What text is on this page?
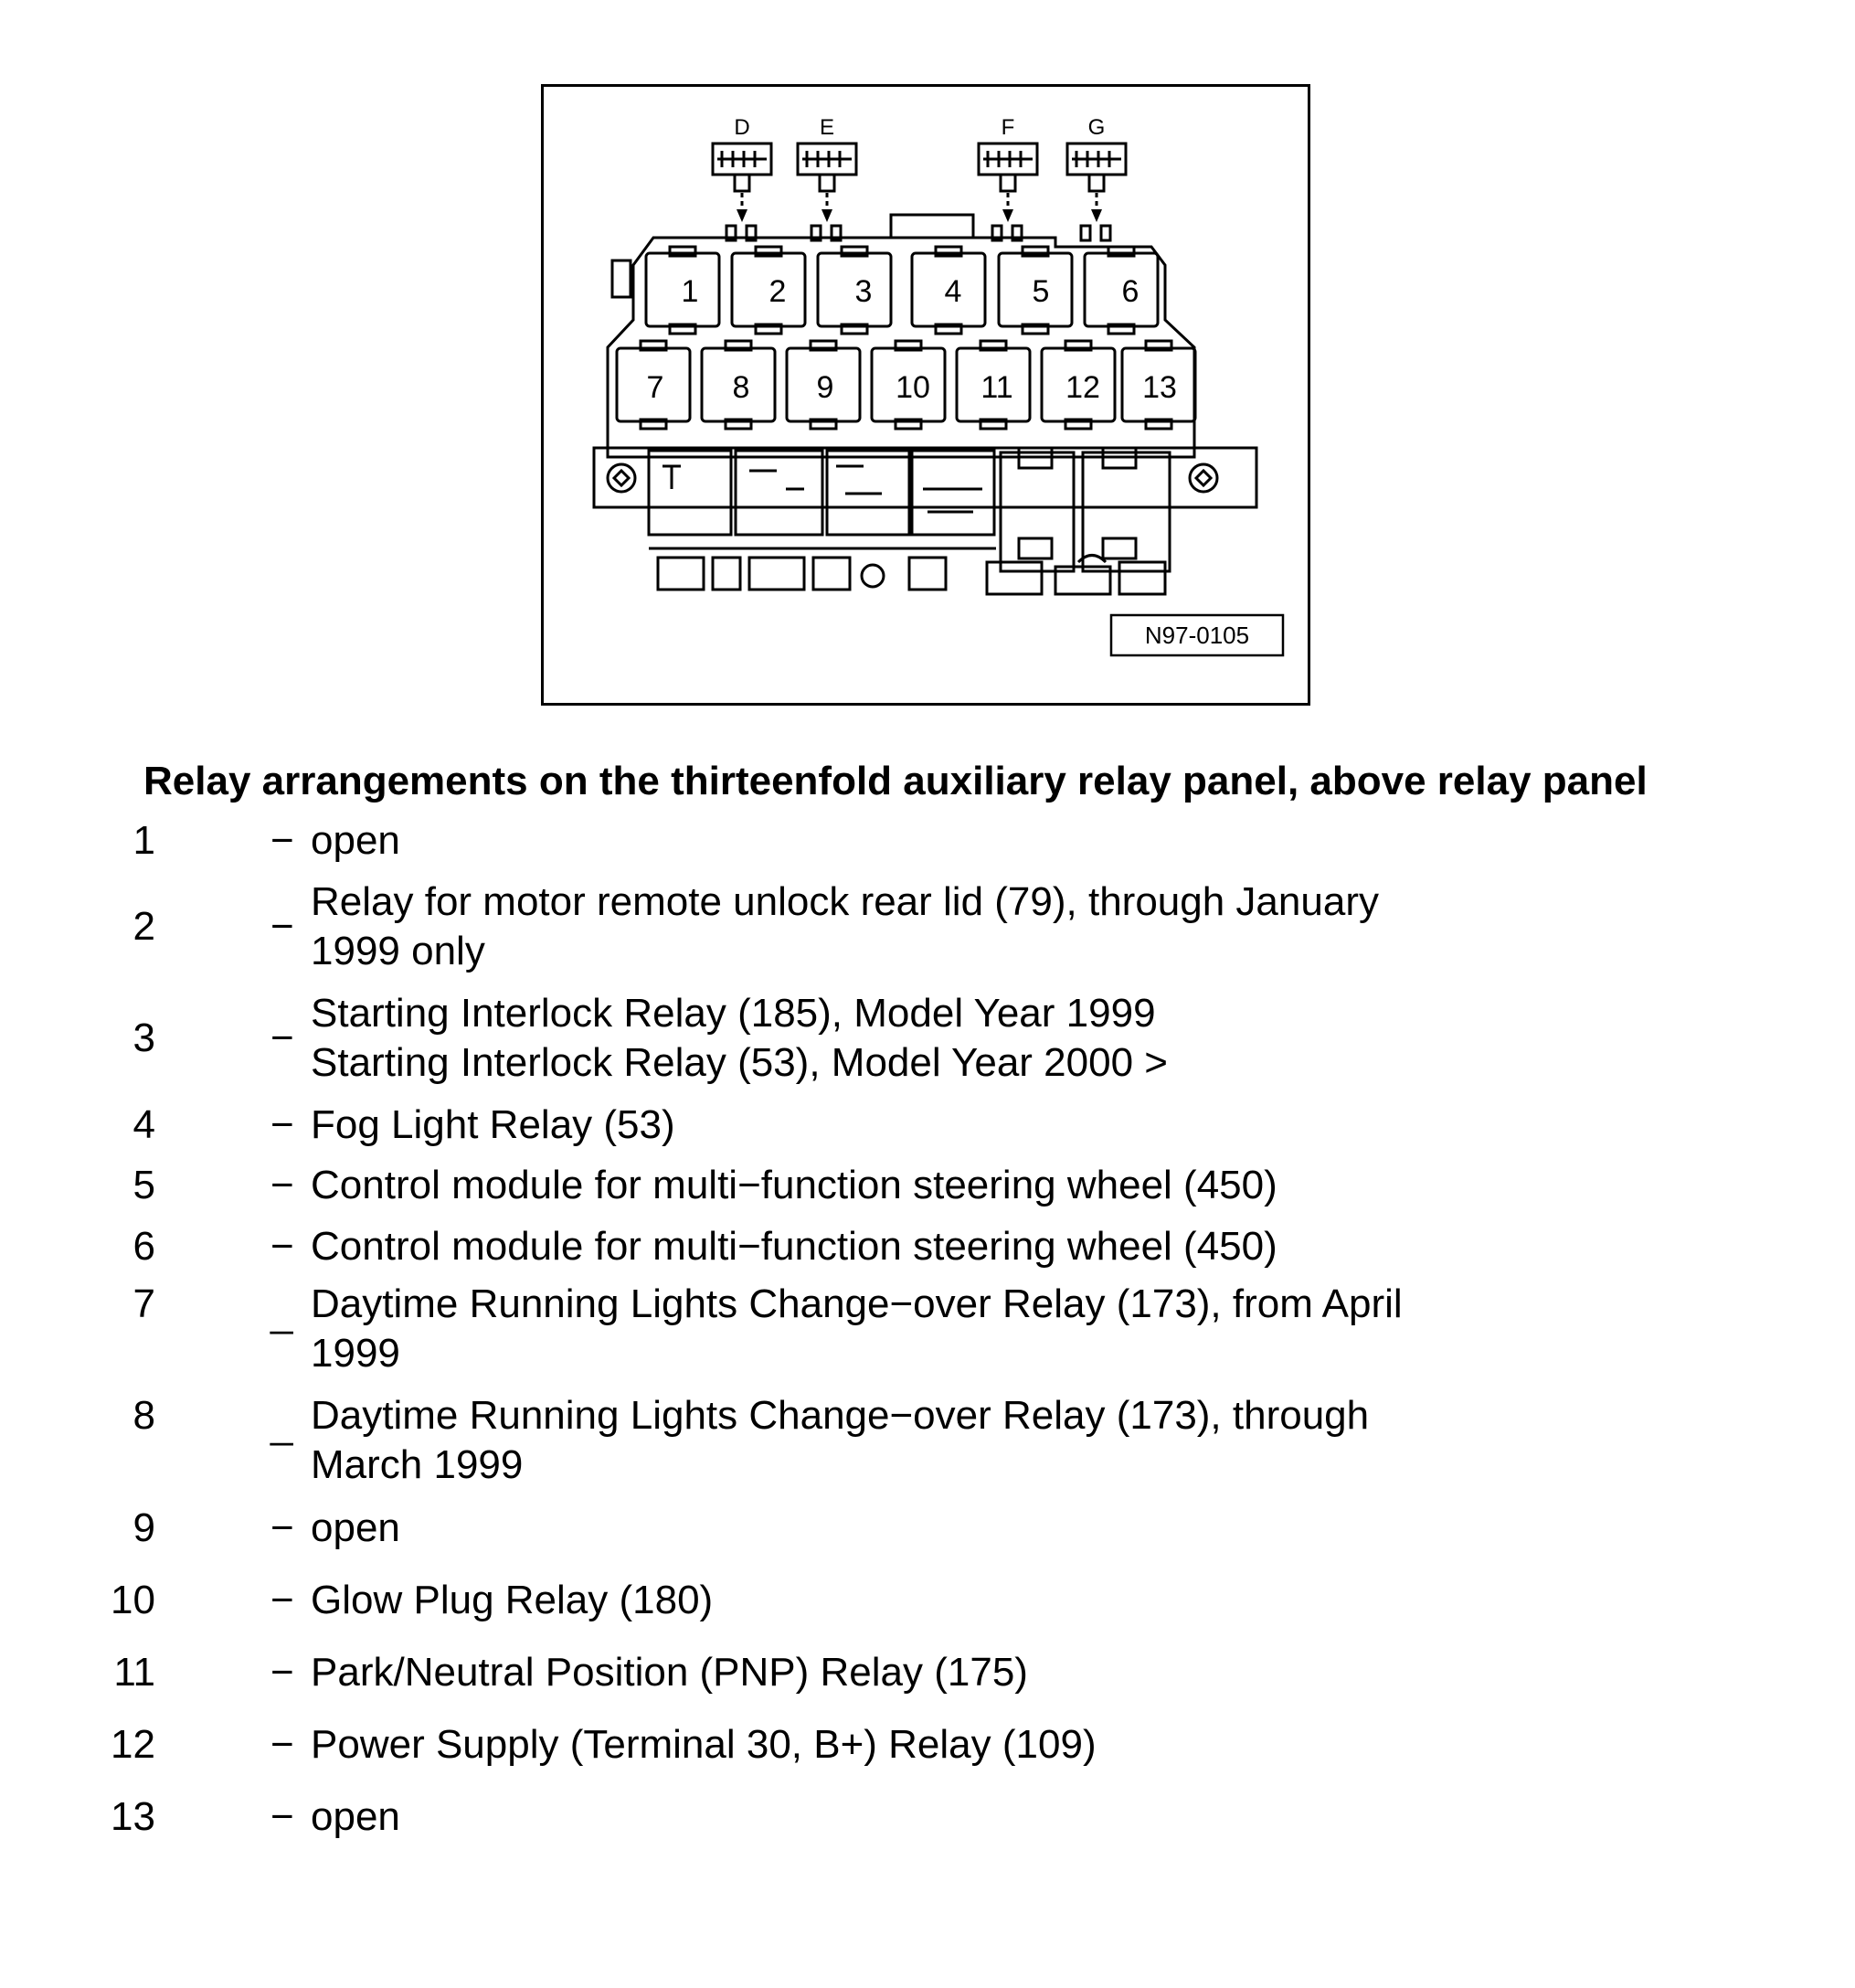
D	E	F	G
1 2 3 4 5 6
7 8 9 10 11 12 13
N97-0105
Relay arrangements on the thirteenfold auxiliary relay panel, above relay panel
1	− open
2	−
Relay for motor remote unlock rear lid (79), through January
1999 only
3	−
Starting Interlock Relay (185), Model Year 1999
Starting Interlock Relay (53), Model Year 2000 >
4	− Fog Light Relay (53)
5	− Control module for multi−function steering wheel (450)
6	− Control module for multi−function steering wheel (450)
7	_ Daytime Running Lights Change−over Relay (173), from April
1999
8	_ Daytime Running Lights Change−over Relay (173), through
March 1999
9	− open
10	− Glow Plug Relay (180)
11	− Park/Neutral Position (PNP) Relay (175)
12	− Power Supply (Terminal 30, B+) Relay (109)
13	− open
